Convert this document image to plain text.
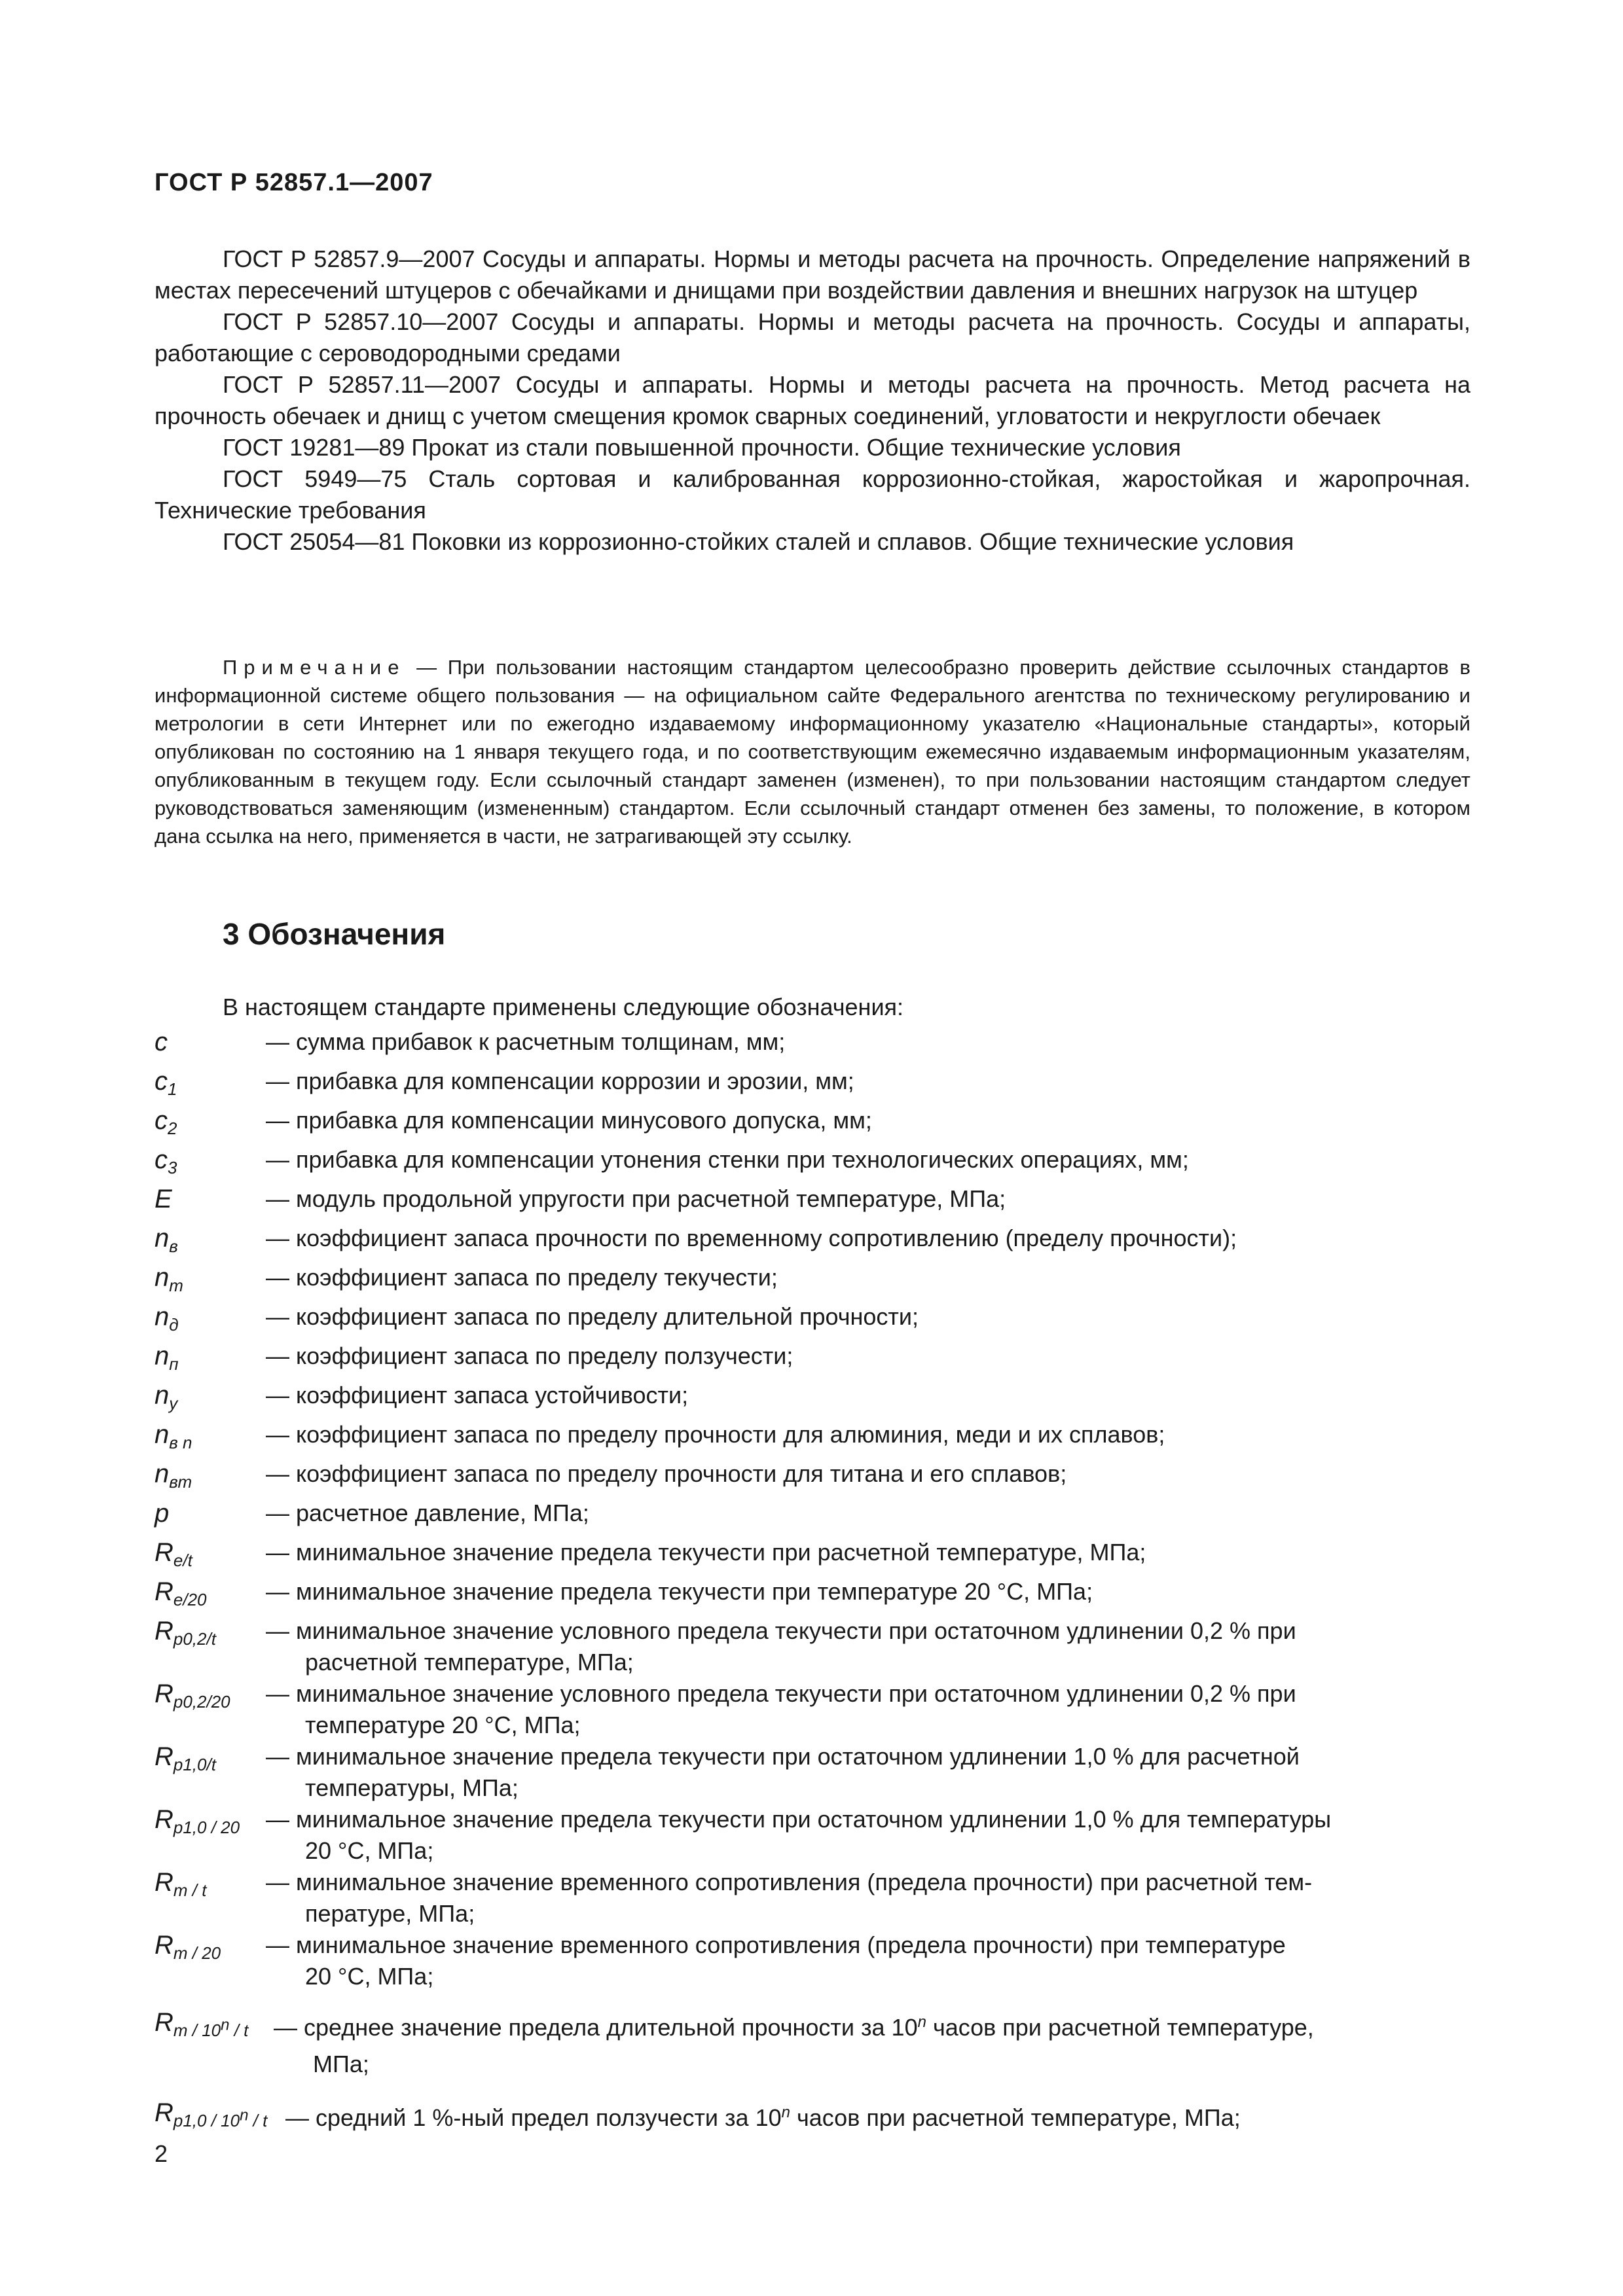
ГОСТ Р 52857.1—2007

ГОСТ Р 52857.9—2007 Сосуды и аппараты. Нормы и методы расчета на прочность. Определение напряжений в местах пересечений штуцеров с обечайками и днищами при воздействии давления и внешних нагрузок на штуцер

ГОСТ Р 52857.10—2007 Сосуды и аппараты. Нормы и методы расчета на прочность. Сосуды и аппараты, работающие с сероводородными средами

ГОСТ Р 52857.11—2007 Сосуды и аппараты. Нормы и методы расчета на прочность. Метод расчета на прочность обечаек и днищ с учетом смещения кромок сварных соединений, угловатости и некруглости обечаек

ГОСТ 19281—89 Прокат из стали повышенной прочности. Общие технические условия

ГОСТ 5949—75 Сталь сортовая и калиброванная коррозионно-стойкая, жаростойкая и жаропрочная. Технические требования

ГОСТ 25054—81 Поковки из коррозионно-стойких сталей и сплавов. Общие технические условия

Примечание — При пользовании настоящим стандартом целесообразно проверить действие ссылочных стандартов в информационной системе общего пользования — на официальном сайте Федерального агентства по техническому регулированию и метрологии в сети Интернет или по ежегодно издаваемому информационному указателю «Национальные стандарты», который опубликован по состоянию на 1 января текущего года, и по соответствующим ежемесячно издаваемым информационным указателям, опубликованным в текущем году. Если ссылочный стандарт заменен (изменен), то при пользовании настоящим стандартом следует руководствоваться заменяющим (измененным) стандартом. Если ссылочный стандарт отменен без замены, то положение, в котором дана ссылка на него, применяется в части, не затрагивающей эту ссылку.
3 Обозначения
В настоящем стандарте применены следующие обозначения:
c	— сумма прибавок к расчетным толщинам, мм;
$c_1$	— прибавка для компенсации коррозии и эрозии, мм;
$c_2$	— прибавка для компенсации минусового допуска, мм;
$c_3$	— прибавка для компенсации утонения стенки при технологических операциях, мм;
E	— модуль продольной упругости при расчетной температуре, МПа;
$n_в$	— коэффициент запаса прочности по временному сопротивлению (пределу прочности);
$n_т$	— коэффициент запаса по пределу текучести;
$n_д$	— коэффициент запаса по пределу длительной прочности;
$n_п$	— коэффициент запаса по пределу ползучести;
$n_у$	— коэффициент запаса устойчивости;
$n_{в n}$	— коэффициент запаса по пределу прочности для алюминия, меди и их сплавов;
$n_{вт}$	— коэффициент запаса по пределу прочности для титана и его сплавов;
p	— расчетное давление, МПа;
$R_{e/t}$	— минимальное значение предела текучести при расчетной температуре, МПа;
$R_{e/20}$	— минимальное значение предела текучести при температуре 20 °С, МПа;
$R_{p0,2/t}$	— минимальное значение условного предела текучести при остаточном удлинении 0,2 % при
расчетной температуре, МПа;
$R_{p0,2/20}$	— минимальное значение условного предела текучести при остаточном удлинении 0,2 % при
температуре 20 °С, МПа;
$R_{p1,0/t}$	— минимальное значение предела текучести при остаточном удлинении 1,0 % для расчетной
температуры, МПа;
$R_{p1,0 / 20}$	— минимальное значение предела текучести при остаточном удлинении 1,0 % для температуры
20 °С, МПа;
$R_{m / t}$	— минимальное значение временного сопротивления (предела прочности) при расчетной тем-
пературе, МПа;
$R_{m / 20}$	— минимальное значение временного сопротивления (предела прочности) при температуре
20 °С, МПа;
$R_{m / 10^n / t}$	— среднее значение предела длительной прочности за 10$^n$ часов при расчетной температуре,
МПа;
$R_{p1,0 / 10^n / t}$ — средний 1 %-ный предел ползучести за 10$^n$ часов при расчетной температуре, МПа;
2
